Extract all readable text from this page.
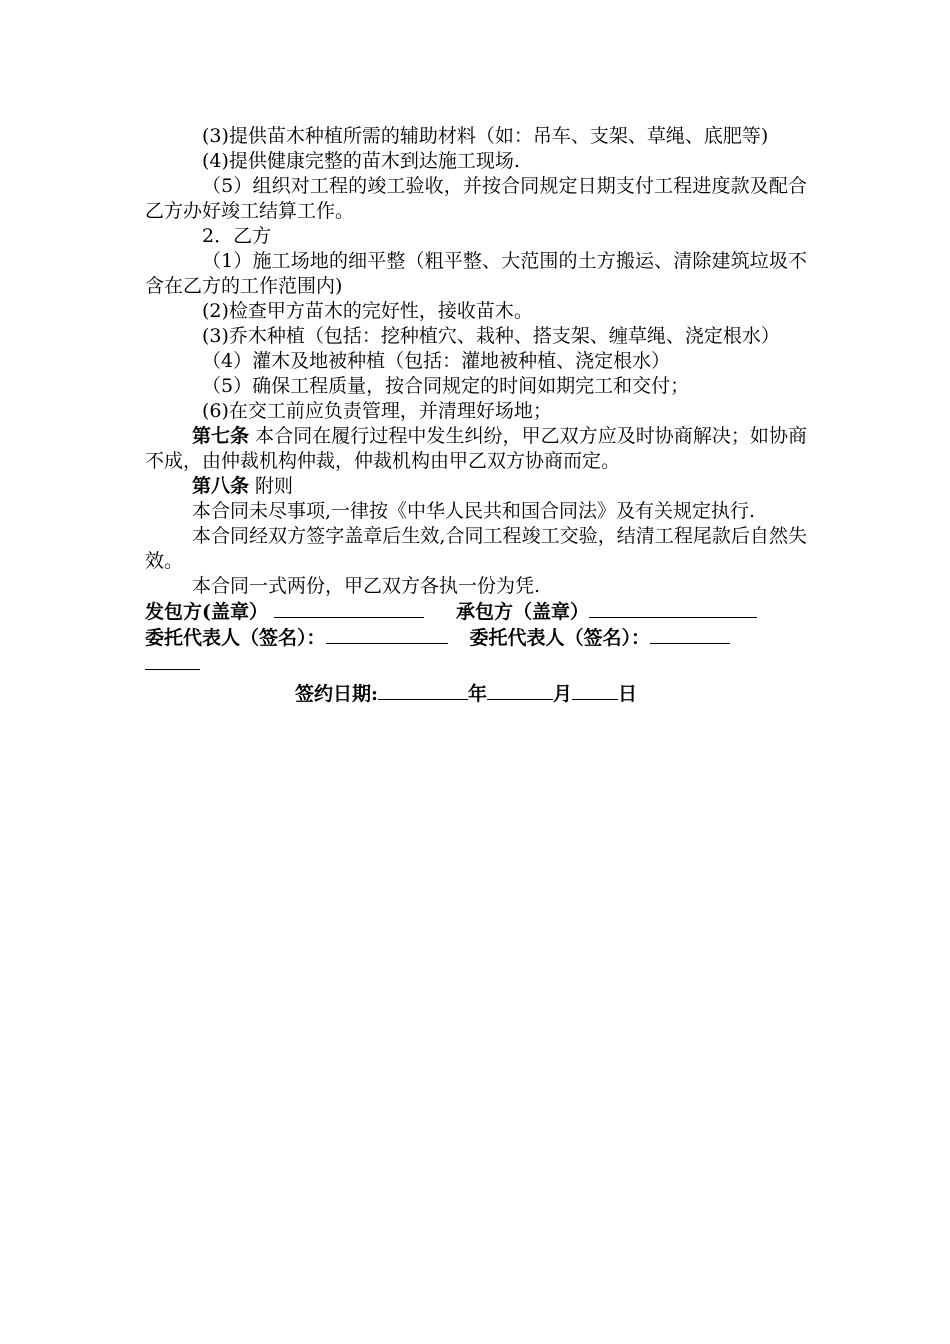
(3)提供苗木种植所需的辅助材料（如：吊车、支架、草绳、底肥等)

(4)提供健康完整的苗木到达施工现场.

（5）组织对工程的竣工验收，并按合同规定日期支付工程进度款及配合乙方办好竣工结算工作。

2．乙方

（1）施工场地的细平整（粗平整、大范围的土方搬运、清除建筑垃圾不含在乙方的工作范围内)

(2)检查甲方苗木的完好性，接收苗木。

(3)乔木种植（包括：挖种植穴、栽种、搭支架、缠草绳、浇定根水）

（4）灌木及地被种植（包括：灌地被种植、浇定根水）

（5）确保工程质量，按合同规定的时间如期完工和交付；

(6)在交工前应负责管理，并清理好场地；

第七条 本合同在履行过程中发生纠纷，甲乙双方应及时协商解决；如协商不成，由仲裁机构仲裁，仲裁机构由甲乙双方协商而定。

第八条 附则

本合同未尽事项,一律按《中华人民共和国合同法》及有关规定执行.

本合同经双方签字盖章后生效,合同工程竣工交验，结清工程尾款后自然失效。

本合同一式两份，甲乙双方各执一份为凭.

发包方(盖章）	承包方（盖章）
委托代表人（签名）：	委托代表人（签名）：
签约日期:	年	月 日
